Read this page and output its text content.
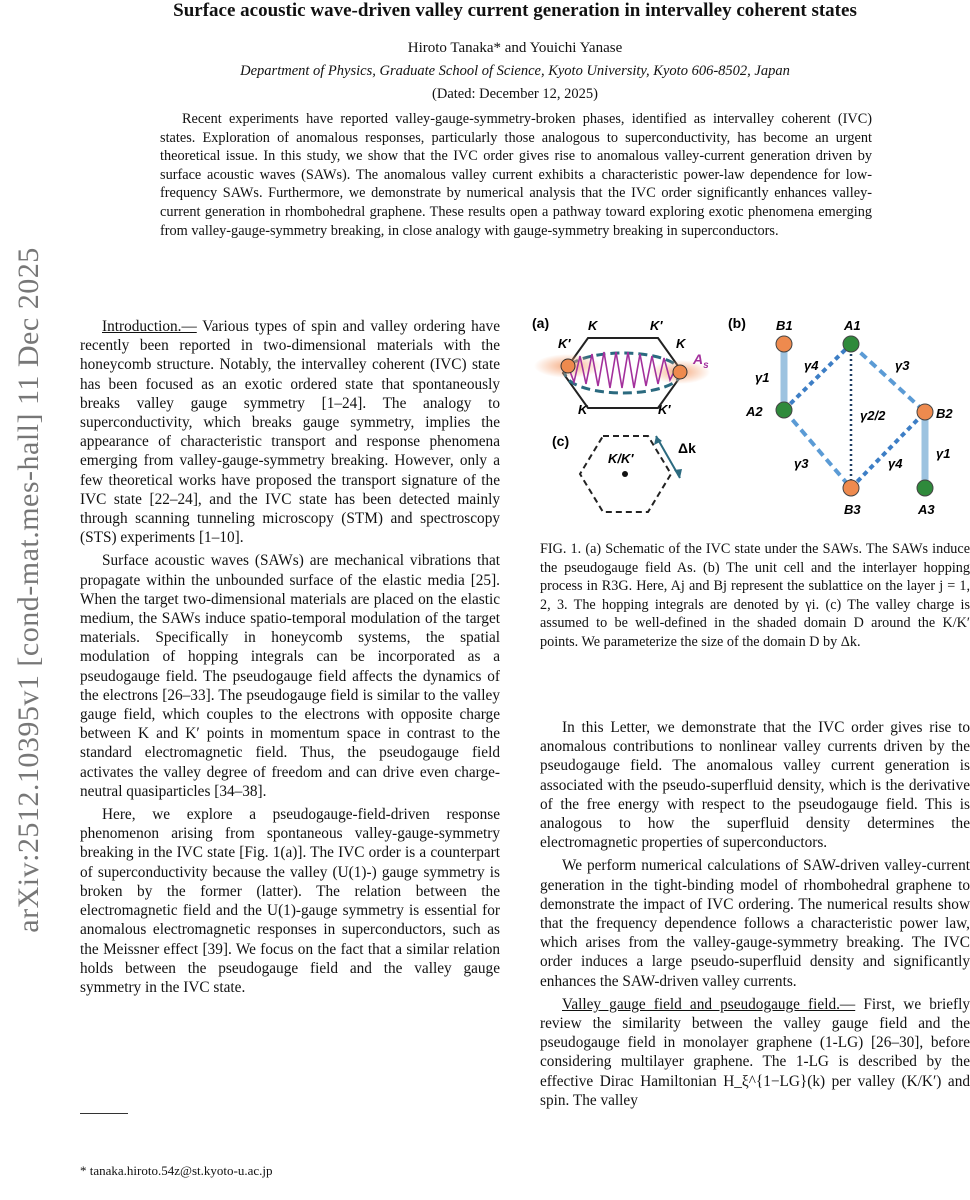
arXiv:2512.10395v1 [cond-mat.mes-hall] 11 Dec 2025
Surface acoustic wave-driven valley current generation in intervalley coherent states
Hiroto Tanaka* and Youichi Yanase
Department of Physics, Graduate School of Science, Kyoto University, Kyoto 606-8502, Japan
(Dated: December 12, 2025)

Recent experiments have reported valley-gauge-symmetry-broken phases, identified as intervalley coherent (IVC) states. Exploration of anomalous responses, particularly those analogous to superconductivity, has become an urgent theoretical issue. In this study, we show that the IVC order gives rise to anomalous valley-current generation driven by surface acoustic waves (SAWs). The anomalous valley current exhibits a characteristic power-law dependence for low-frequency SAWs. Furthermore, we demonstrate by numerical analysis that the IVC order significantly enhances valley-current generation in rhombohedral graphene. These results open a pathway toward exploring exotic phenomena emerging from valley-gauge-symmetry breaking, in close analogy with gauge-symmetry breaking in superconductors.

Introduction.— Various types of spin and valley ordering have recently been reported in two-dimensional materials with the honeycomb structure. Notably, the intervalley coherent (IVC) state has been focused as an exotic ordered state that spontaneously breaks valley gauge symmetry [1–24]. The analogy to superconductivity, which breaks gauge symmetry, implies the appearance of characteristic transport and response phenomena emerging from valley-gauge-symmetry breaking. However, only a few theoretical works have proposed the transport signature of the IVC state [22–24], and the IVC state has been detected mainly through scanning tunneling microscopy (STM) and spectroscopy (STS) experiments [1–10].

Surface acoustic waves (SAWs) are mechanical vibrations that propagate within the unbounded surface of the elastic media [25]. When the target two-dimensional materials are placed on the elastic medium, the SAWs induce spatio-temporal modulation of the target materials. Specifically in honeycomb systems, the spatial modulation of hopping integrals can be incorporated as a pseudogauge field. The pseudogauge field affects the dynamics of the electrons [26–33]. The pseudogauge field is similar to the valley gauge field, which couples to the electrons with opposite charge between K and K′ points in momentum space in contrast to the standard electromagnetic field. Thus, the pseudogauge field activates the valley degree of freedom and can drive even charge-neutral quasiparticles [34–38].

Here, we explore a pseudogauge-field-driven response phenomenon arising from spontaneous valley-gauge-symmetry breaking in the IVC state [Fig. 1(a)]. The IVC order is a counterpart of superconductivity because the valley (U(1)-) gauge symmetry is broken by the former (latter). The relation between the electromagnetic field and the U(1)-gauge symmetry is essential for anomalous electromagnetic responses in superconductors, such as the Meissner effect [39]. We focus on the fact that a similar relation holds between the pseudogauge field and the valley gauge symmetry in the IVC state.

(a)	K	K′
K′	K
K	K′
$A_s$
(c)
K/K′
Δk
(b) B1	A1
A2	B2
B3	A3
γ1
γ1
γ4	γ3
γ2/2
γ3	γ4

FIG. 1. (a) Schematic of the IVC state under the SAWs. The SAWs induce the pseudogauge field As. (b) The unit cell and the interlayer hopping process in R3G. Here, Aj and Bj represent the sublattice on the layer j = 1, 2, 3. The hopping integrals are denoted by γi. (c) The valley charge is assumed to be well-defined in the shaded domain D around the K/K′ points. We parameterize the size of the domain D by Δk.

In this Letter, we demonstrate that the IVC order gives rise to anomalous contributions to nonlinear valley currents driven by the pseudogauge field. The anomalous valley current generation is associated with the pseudo-superfluid density, which is the derivative of the free energy with respect to the pseudogauge field. This is analogous to how the superfluid density determines the electromagnetic properties of superconductors.

We perform numerical calculations of SAW-driven valley-current generation in the tight-binding model of rhombohedral graphene to demonstrate the impact of IVC ordering. The numerical results show that the frequency dependence follows a characteristic power law, which arises from the valley-gauge-symmetry breaking. The IVC order induces a large pseudo-superfluid density and significantly enhances the SAW-driven valley currents.

Valley gauge field and pseudogauge field.— First, we briefly review the similarity between the valley gauge field and the pseudogauge field in monolayer graphene (1-LG) [26–30], before considering multilayer graphene. The 1-LG is described by the effective Dirac Hamiltonian H_ξ^{1−LG}(k) per valley (K/K′) and spin. The valley

* tanaka.hiroto.54z@st.kyoto-u.ac.jp
